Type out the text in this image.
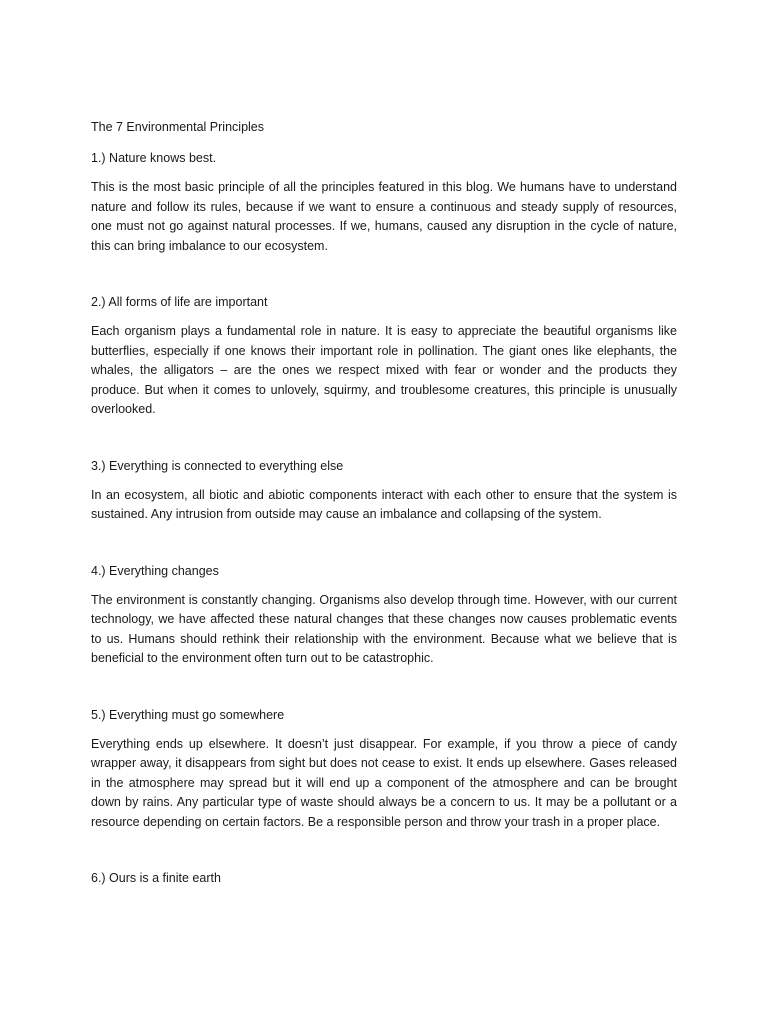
The 7 Environmental Principles

1.) Nature knows best.

This is the most basic principle of all the principles featured in this blog. We humans have to understand nature and follow its rules, because if we want to ensure a continuous and steady supply of resources, one must not go against natural processes. If we, humans, caused any disruption in the cycle of nature, this can bring imbalance to our ecosystem.

2.) All forms of life are important

Each organism plays a fundamental role in nature. It is easy to appreciate the beautiful organisms like butterflies, especially if one knows their important role in pollination. The giant ones like elephants, the whales, the alligators – are the ones we respect mixed with fear or wonder and the products they produce. But when it comes to unlovely, squirmy, and troublesome creatures, this principle is unusually overlooked.

3.) Everything is connected to everything else

In an ecosystem, all biotic and abiotic components interact with each other to ensure that the system is sustained. Any intrusion from outside may cause an imbalance and collapsing of the system.

4.) Everything changes

The environment is constantly changing. Organisms also develop through time. However, with our current technology, we have affected these natural changes that these changes now causes problematic events to us. Humans should rethink their relationship with the environment. Because what we believe that is beneficial to the environment often turn out to be catastrophic.

5.) Everything must go somewhere

Everything ends up elsewhere. It doesn’t just disappear. For example, if you throw a piece of candy wrapper away, it disappears from sight but does not cease to exist. It ends up elsewhere. Gases released in the atmosphere may spread but it will end up a component of the atmosphere and can be brought down by rains. Any particular type of waste should always be a concern to us. It may be a pollutant or a resource depending on certain factors. Be a responsible person and throw your trash in a proper place.

6.) Ours is a finite earth
